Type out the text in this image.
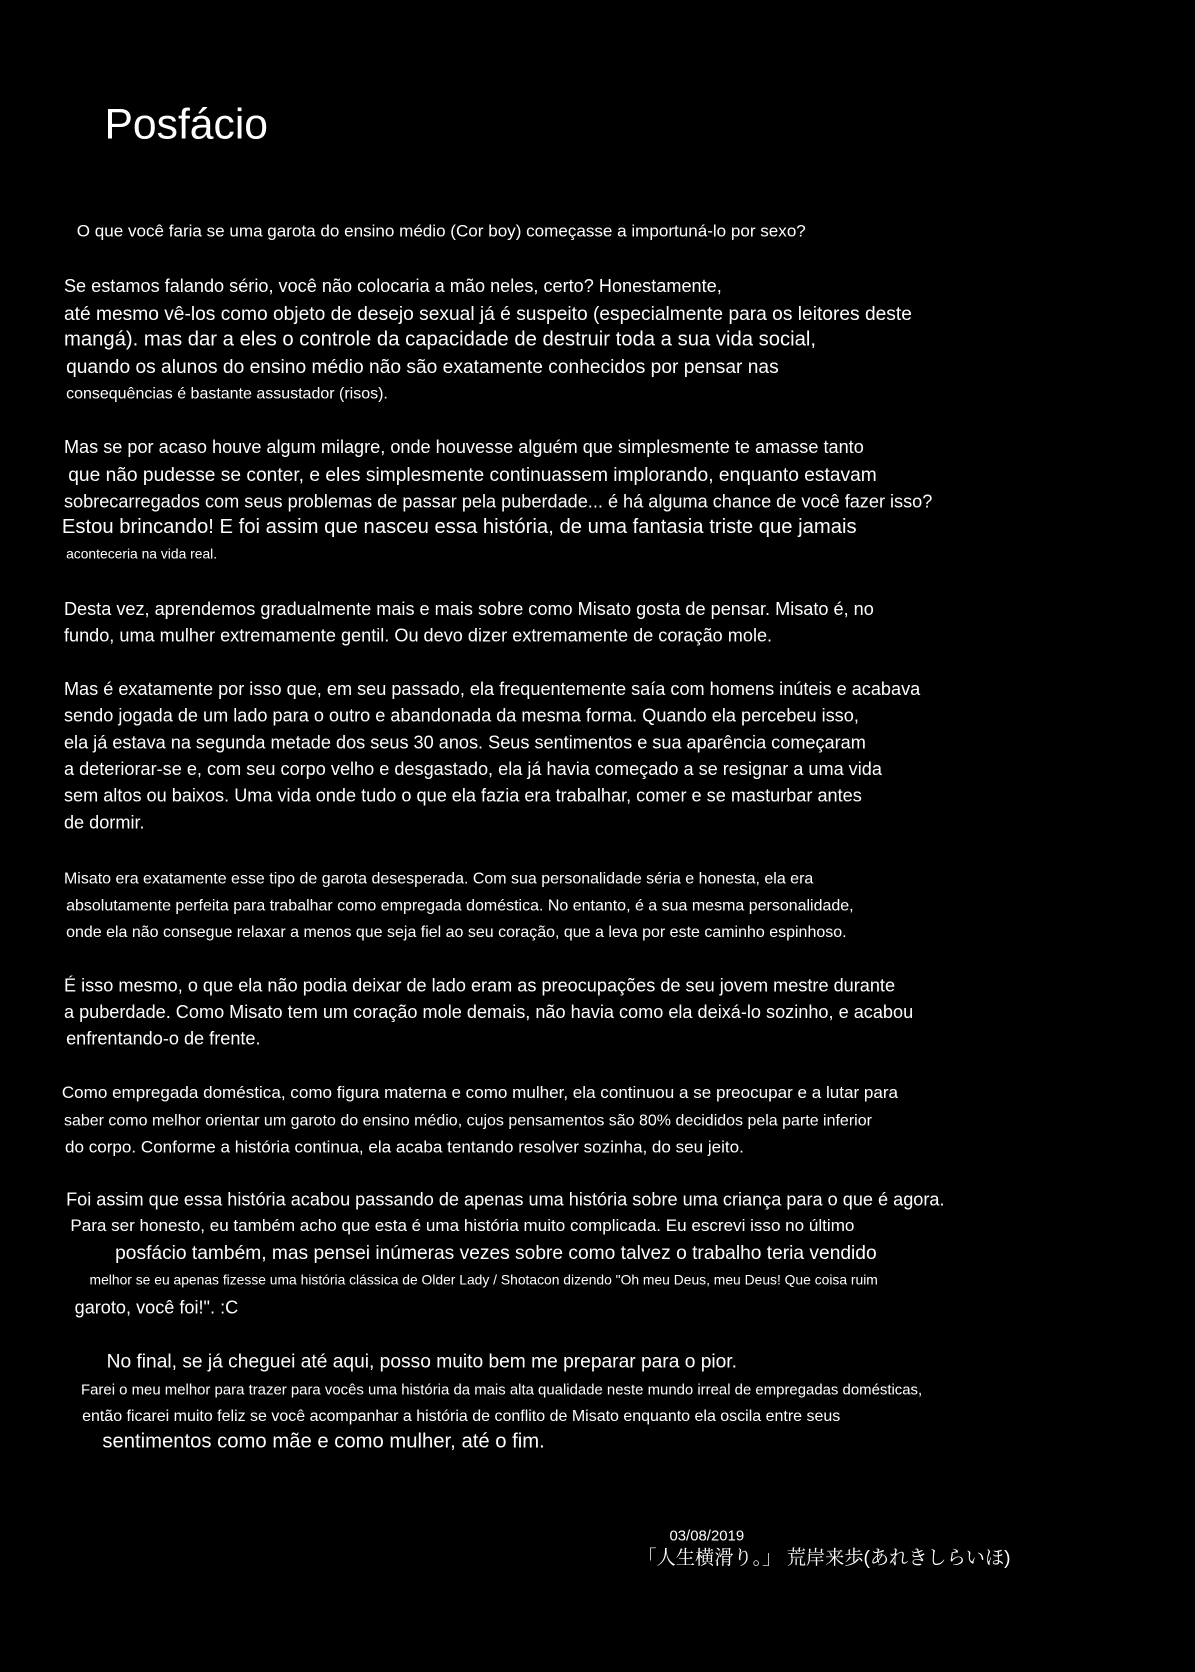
Posfácio
O que você faria se uma garota do ensino médio (Cor boy) começasse a importuná-lo por sexo?
Se estamos falando sério, você não colocaria a mão neles, certo? Honestamente,
até mesmo vê-los como objeto de desejo sexual já é suspeito (especialmente para os leitores deste
mangá). mas dar a eles o controle da capacidade de destruir toda a sua vida social,
quando os alunos do ensino médio não são exatamente conhecidos por pensar nas
consequências é bastante assustador (risos).
Mas se por acaso houve algum milagre, onde houvesse alguém que simplesmente te amasse tanto
que não pudesse se conter, e eles simplesmente continuassem implorando, enquanto estavam
sobrecarregados com seus problemas de passar pela puberdade... é há alguma chance de você fazer isso?
Estou brincando! E foi assim que nasceu essa história, de uma fantasia triste que jamais
aconteceria na vida real.
Desta vez, aprendemos gradualmente mais e mais sobre como Misato gosta de pensar. Misato é, no
fundo, uma mulher extremamente gentil. Ou devo dizer extremamente de coração mole.
Mas é exatamente por isso que, em seu passado, ela frequentemente saía com homens inúteis e acabava
sendo jogada de um lado para o outro e abandonada da mesma forma. Quando ela percebeu isso,
ela já estava na segunda metade dos seus 30 anos. Seus sentimentos e sua aparência começaram
a deteriorar-se e, com seu corpo velho e desgastado, ela já havia começado a se resignar a uma vida
sem altos ou baixos. Uma vida onde tudo o que ela fazia era trabalhar, comer e se masturbar antes
de dormir.
Misato era exatamente esse tipo de garota desesperada. Com sua personalidade séria e honesta, ela era
absolutamente perfeita para trabalhar como empregada doméstica. No entanto, é a sua mesma personalidade,
onde ela não consegue relaxar a menos que seja fiel ao seu coração, que a leva por este caminho espinhoso.
É isso mesmo, o que ela não podia deixar de lado eram as preocupações de seu jovem mestre durante
a puberdade. Como Misato tem um coração mole demais, não havia como ela deixá-lo sozinho, e acabou
enfrentando-o de frente.
Como empregada doméstica, como figura materna e como mulher, ela continuou a se preocupar e a lutar para
saber como melhor orientar um garoto do ensino médio, cujos pensamentos são 80% decididos pela parte inferior
do corpo. Conforme a história continua, ela acaba tentando resolver sozinha, do seu jeito.
Foi assim que essa história acabou passando de apenas uma história sobre uma criança para o que é agora.
Para ser honesto, eu também acho que esta é uma história muito complicada. Eu escrevi isso no último
posfácio também, mas pensei inúmeras vezes sobre como talvez o trabalho teria vendido
melhor se eu apenas fizesse uma história clássica de Older Lady / Shotacon dizendo "Oh meu Deus, meu Deus! Que coisa ruim
garoto, você foi!". :C
No final, se já cheguei até aqui, posso muito bem me preparar para o pior.
Farei o meu melhor para trazer para vocês uma história da mais alta qualidade neste mundo irreal de empregadas domésticas,
então ficarei muito feliz se você acompanhar a história de conflito de Misato enquanto ela oscila entre seus
sentimentos como mãe e como mulher, até o fim.
03/08/2019
「人生横滑り。」 荒岸来歩(あれきしらいほ)
